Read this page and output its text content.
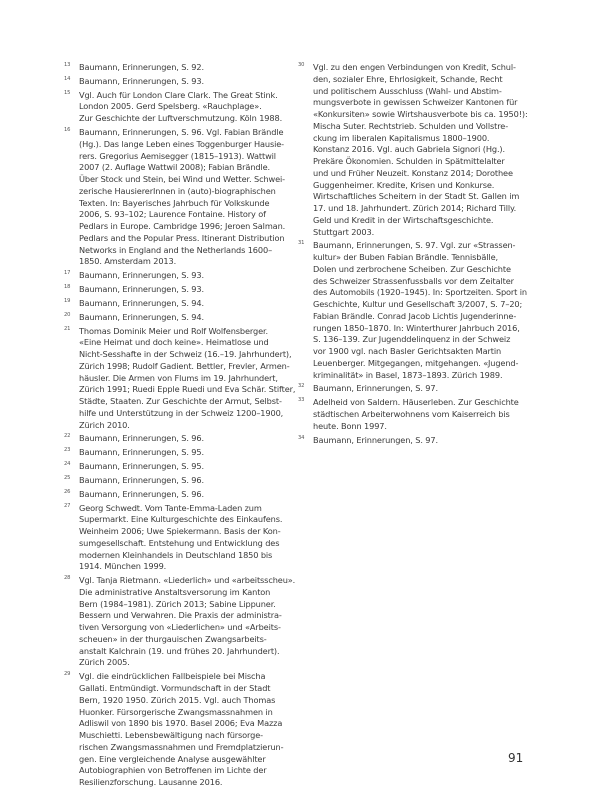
13 Baumann, Erinnerungen, S. 92.
14 Baumann, Erinnerungen, S. 93.
15 Vgl. Auch für London Clare Clark. The Great Stink.
London 2005. Gerd Spelsberg. «Rauchplage».
Zur Geschichte der Luftverschmutzung. Köln 1988.
16 Baumann, Erinnerungen, S. 96. Vgl. Fabian Brändle
(Hg.). Das lange Leben eines Toggenburger Hausie-
rers. Gregorius Aemisegger (1815–1913). Wattwil
2007 (2. Auflage Wattwil 2008); Fabian Brändle.
Über Stock und Stein, bei Wind und Wetter. Schwei-
zerische HausiererInnen in (auto)-biographischen
Texten. In: Bayerisches Jahrbuch für Volkskunde
2006, S. 93–102; Laurence Fontaine. History of
Pedlars in Europe. Cambridge 1996; Jeroen Salman.
Pedlars and the Popular Press. Itinerant Distribution
Networks in England and the Netherlands 1600–
1850. Amsterdam 2013.
17 Baumann, Erinnerungen, S. 93.
18 Baumann, Erinnerungen, S. 93.
19 Baumann, Erinnerungen, S. 94.
20 Baumann, Erinnerungen, S. 94.
21 Thomas Dominik Meier und Rolf Wolfensberger.
«Eine Heimat und doch keine». Heimatlose und
Nicht-Sesshafte in der Schweiz (16.–19. Jahrhundert),
Zürich 1998; Rudolf Gadient. Bettler, Frevler, Armen-
häusler. Die Armen von Flums im 19. Jahrhundert,
Zürich 1991; Ruedi Epple Ruedi und Eva Schär. Stifter,
Städte, Staaten. Zur Geschichte der Armut, Selbst-
hilfe und Unterstützung in der Schweiz 1200–1900,
Zürich 2010.
22 Baumann, Erinnerungen, S. 96.
23 Baumann, Erinnerungen, S. 95.
24 Baumann, Erinnerungen, S. 95.
25 Baumann, Erinnerungen, S. 96.
26 Baumann, Erinnerungen, S. 96.
27 Georg Schwedt. Vom Tante-Emma-Laden zum
Supermarkt. Eine Kulturgeschichte des Einkaufens.
Weinheim 2006; Uwe Spiekermann. Basis der Kon-
sumgesellschaft. Entstehung und Entwicklung des
modernen Kleinhandels in Deutschland 1850 bis
1914. München 1999.
28 Vgl. Tanja Rietmann. «Liederlich» und «arbeitsscheu».
Die administrative Anstaltsversorung im Kanton
Bern (1984–1981). Zürich 2013; Sabine Lippuner.
Bessern und Verwahren. Die Praxis der administra-
tiven Versorgung von «Liederlichen» und «Arbeits-
scheuen» in der thurgauischen Zwangsarbeits-
anstalt Kalchrain (19. und frühes 20. Jahrhundert).
Zürich 2005.
29 Vgl. die eindrücklichen Fallbeispiele bei Mischa
Gallati. Entmündigt. Vormundschaft in der Stadt
Bern, 1920 1950. Zürich 2015. Vgl. auch Thomas
Huonker. Fürsorgerische Zwangsmassnahmen in
Adliswil von 1890 bis 1970. Basel 2006; Eva Mazza
Muschietti. Lebensbewältigung nach fürsorge-
rischen Zwangsmassnahmen und Fremdplatzierun-
gen. Eine vergleichende Analyse ausgewählter
Autobiographien von Betroffenen im Lichte der
Resilienzforschung. Lausanne 2016.
30 Vgl. zu den engen Verbindungen von Kredit, Schul-
den, sozialer Ehre, Ehrlosigkeit, Schande, Recht
und politischem Ausschluss (Wahl- und Abstim-
mungsverbote in gewissen Schweizer Kantonen für
«Konkursiten» sowie Wirtshausverbote bis ca. 1950!):
Mischa Suter. Rechtstrieb. Schulden und Vollstre-
ckung im liberalen Kapitalismus 1800–1900.
Konstanz 2016. Vgl. auch Gabriela Signori (Hg.).
Prekäre Ökonomien. Schulden in Spätmittelalter
und und Früher Neuzeit. Konstanz 2014; Dorothee
Guggenheimer. Kredite, Krisen und Konkurse.
Wirtschaftliches Scheitern in der Stadt St. Gallen im
17. und 18. Jahrhundert. Zürich 2014; Richard Tilly.
Geld und Kredit in der Wirtschaftsgeschichte.
Stuttgart 2003.
31 Baumann, Erinnerungen, S. 97. Vgl. zur «Strassen-
kultur» der Buben Fabian Brändle. Tennisbälle,
Dolen und zerbrochene Scheiben. Zur Geschichte
des Schweizer Strassenfussballs vor dem Zeitalter
des Automobils (1920–1945). In: Sportzeiten. Sport in
Geschichte, Kultur und Gesellschaft 3/2007, S. 7–20;
Fabian Brändle. Conrad Jacob Lichtis Jugenderinne-
rungen 1850–1870. In: Winterthurer Jahrbuch 2016,
S. 136–139. Zur Jugenddelinquenz in der Schweiz
vor 1900 vgl. nach Basler Gerichtsakten Martin
Leuenberger. Mitgegangen, mitgehangen. «Jugend-
kriminalität» in Basel, 1873–1893. Zürich 1989.
32 Baumann, Erinnerungen, S. 97.
33 Adelheid von Saldern. Häuserleben. Zur Geschichte
städtischen Arbeiterwohnens vom Kaiserreich bis
heute. Bonn 1997.
34 Baumann, Erinnerungen, S. 97.
91
